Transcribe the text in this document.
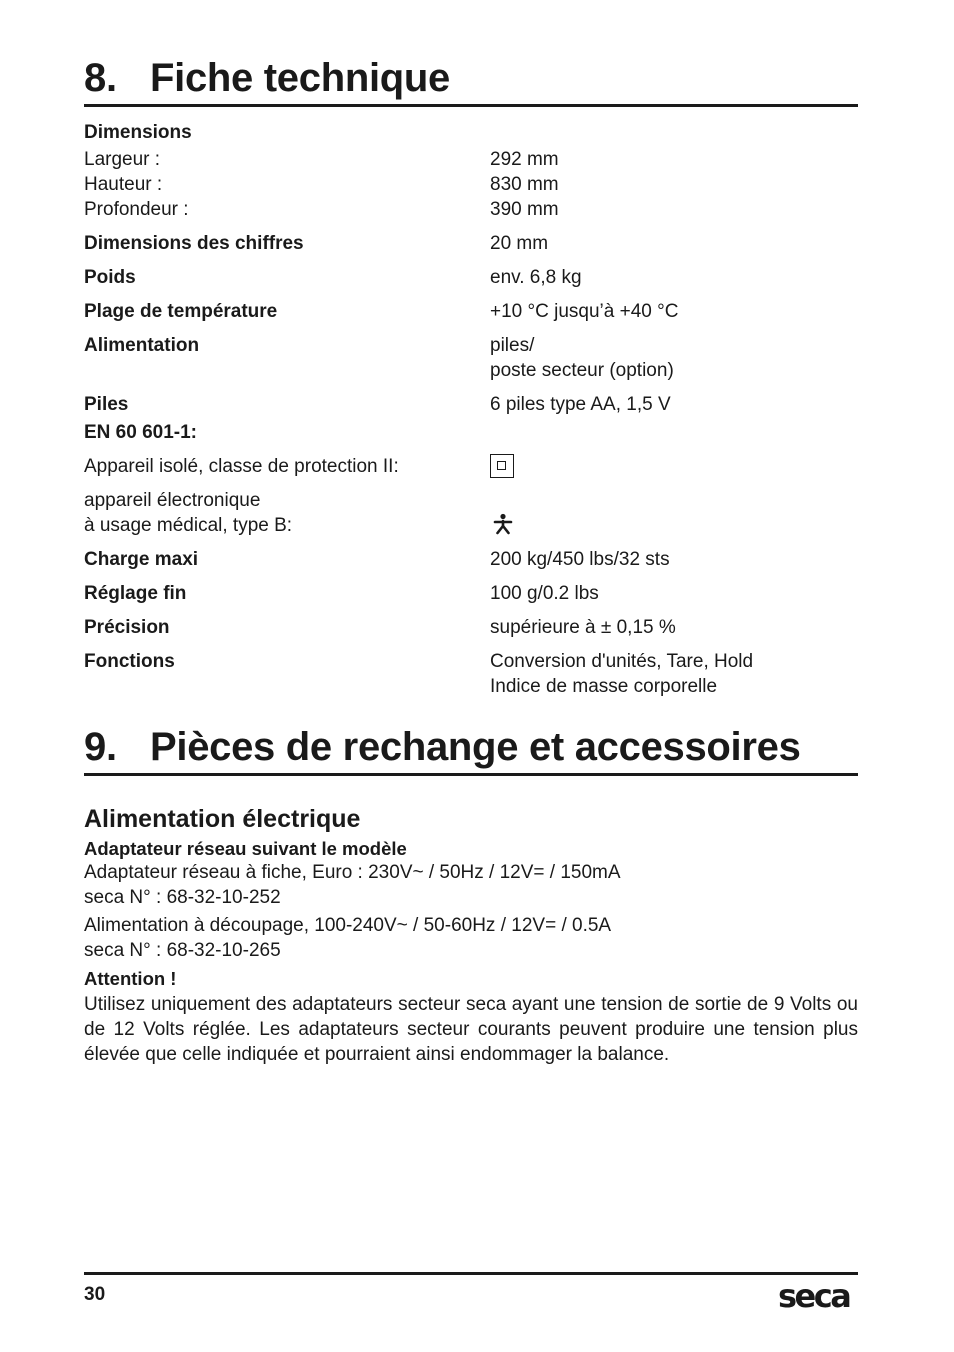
8. Fiche technique
Dimensions
Largeur :	292 mm
Hauteur :	830 mm
Profondeur :	390 mm
Dimensions des chiffres	20 mm
Poids	env. 6,8 kg
Plage de température	+10 °C jusqu’à +40 °C
Alimentation	piles/
poste secteur (option)
Piles	6 piles type AA, 1,5 V
EN 60 601-1:
Appareil isolé, classe de protection II:
appareil électronique
à usage médical, type B:
Charge maxi	200 kg/450 lbs/32 sts
Réglage fin	100 g/0.2 lbs
Précision	supérieure à ± 0,15 %
Fonctions	Conversion d'unités, Tare, Hold
Indice de masse corporelle
9. Pièces de rechange et accessoires
Alimentation électrique
Adaptateur réseau suivant le modèle
Adaptateur réseau à fiche, Euro : 230V~ / 50Hz / 12V= / 150mA
seca N° : 68-32-10-252
Alimentation à découpage, 100-240V~ / 50-60Hz / 12V= / 0.5A
seca N° : 68-32-10-265
Attention !
Utilisez uniquement des adaptateurs secteur seca ayant une tension de sortie de 9 Volts ou de 12 Volts réglée. Les adaptateurs secteur courants peuvent produire une tension plus élevée que celle indiquée et pourraient ainsi endommager la balance.
30	seca
